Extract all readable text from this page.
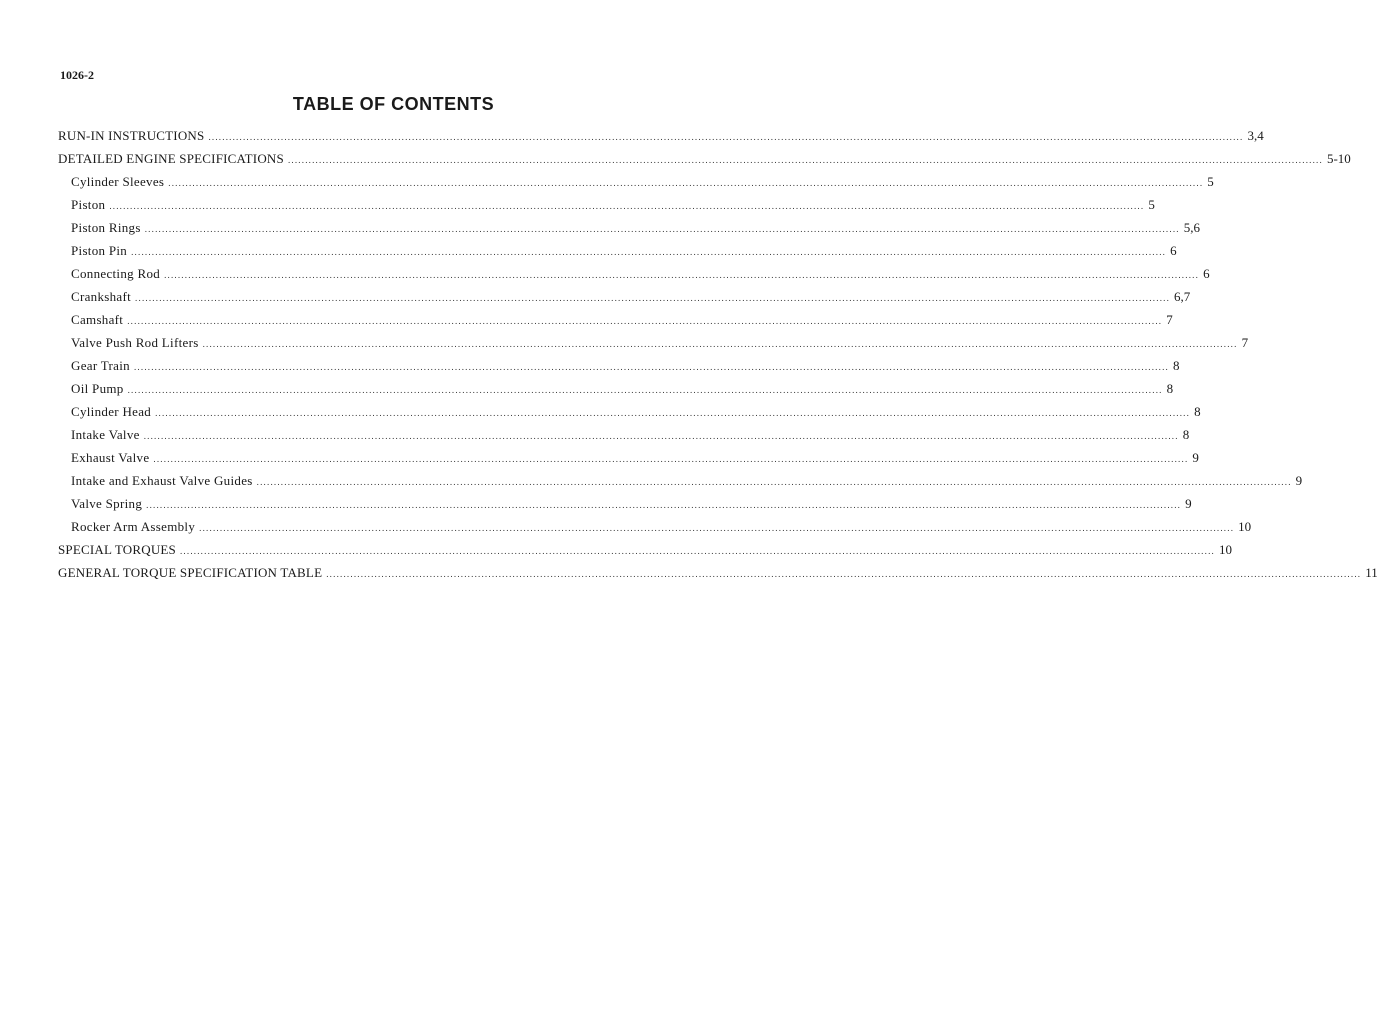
1026-2
TABLE OF CONTENTS
RUN-IN INSTRUCTIONS ............................................................................................................................................................................................................................................................................................................ 3,4
DETAILED ENGINE SPECIFICATIONS ............................................................................................................................................................................................................................................................................................................ 5-10
Cylinder Sleeves ............................................................................................................................................................................................................................................................................................................ 5
Piston ............................................................................................................................................................................................................................................................................................................ 5
Piston Rings ............................................................................................................................................................................................................................................................................................................ 5,6
Piston Pin ............................................................................................................................................................................................................................................................................................................ 6
Connecting Rod ............................................................................................................................................................................................................................................................................................................ 6
Crankshaft ............................................................................................................................................................................................................................................................................................................ 6,7
Camshaft ............................................................................................................................................................................................................................................................................................................ 7
Valve Push Rod Lifters ............................................................................................................................................................................................................................................................................................................ 7
Gear Train ............................................................................................................................................................................................................................................................................................................ 8
Oil Pump ............................................................................................................................................................................................................................................................................................................ 8
Cylinder Head ............................................................................................................................................................................................................................................................................................................ 8
Intake Valve ............................................................................................................................................................................................................................................................................................................ 8
Exhaust Valve ............................................................................................................................................................................................................................................................................................................ 9
Intake and Exhaust Valve Guides ............................................................................................................................................................................................................................................................................................................ 9
Valve Spring ............................................................................................................................................................................................................................................................................................................ 9
Rocker Arm Assembly ............................................................................................................................................................................................................................................................................................................ 10
SPECIAL TORQUES ............................................................................................................................................................................................................................................................................................................ 10
GENERAL TORQUE SPECIFICATION TABLE ............................................................................................................................................................................................................................................................................................................ 11
